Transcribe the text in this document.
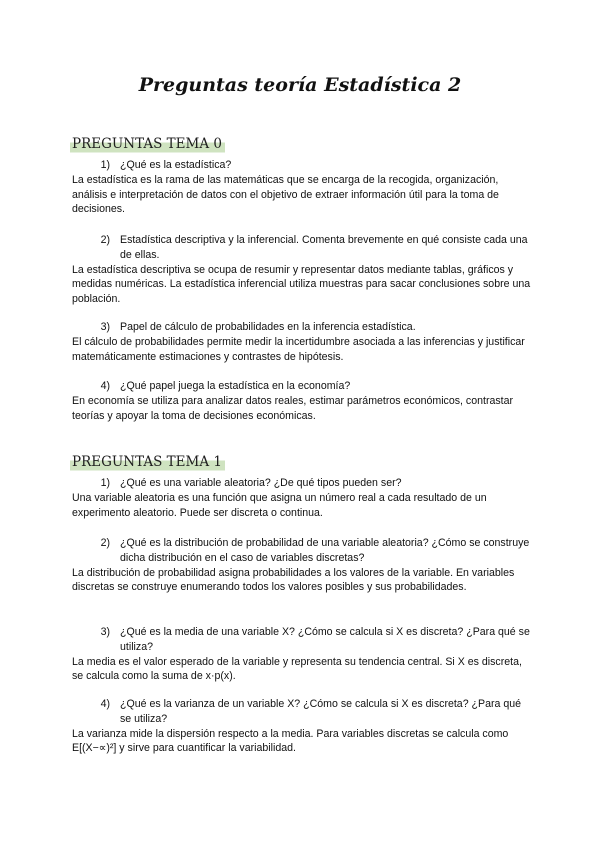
Preguntas teoría Estadística 2
PREGUNTAS TEMA 0

1) ¿Qué es la estadística?

La estadística es la rama de las matemáticas que se encarga de la recogida, organización, análisis e interpretación de datos con el objetivo de extraer información útil para la toma de decisiones.

2) Estadística descriptiva y la inferencial. Comenta brevemente en qué consiste cada una de ellas.

La estadística descriptiva se ocupa de resumir y representar datos mediante tablas, gráficos y medidas numéricas. La estadística inferencial utiliza muestras para sacar conclusiones sobre una población.

3) Papel de cálculo de probabilidades en la inferencia estadística.

El cálculo de probabilidades permite medir la incertidumbre asociada a las inferencias y justificar matemáticamente estimaciones y contrastes de hipótesis.

4) ¿Qué papel juega la estadística en la economía?

En economía se utiliza para analizar datos reales, estimar parámetros económicos, contrastar teorías y apoyar la toma de decisiones económicas.

PREGUNTAS TEMA 1

1) ¿Qué es una variable aleatoria? ¿De qué tipos pueden ser?

Una variable aleatoria es una función que asigna un número real a cada resultado de un experimento aleatorio. Puede ser discreta o continua.

2) ¿Qué es la distribución de probabilidad de una variable aleatoria? ¿Cómo se construye dicha distribución en el caso de variables discretas?

La distribución de probabilidad asigna probabilidades a los valores de la variable. En variables discretas se construye enumerando todos los valores posibles y sus probabilidades.

3) ¿Qué es la media de una variable X? ¿Cómo se calcula si X es discreta? ¿Para qué se utiliza?

La media es el valor esperado de la variable y representa su tendencia central. Si X es discreta, se calcula como la suma de x·p(x).

4) ¿Qué es la varianza de un variable X? ¿Cómo se calcula si X es discreta? ¿Para qué se utiliza?

La varianza mide la dispersión respecto a la media. Para variables discretas se calcula como E[(X−∝)²] y sirve para cuantificar la variabilidad.
